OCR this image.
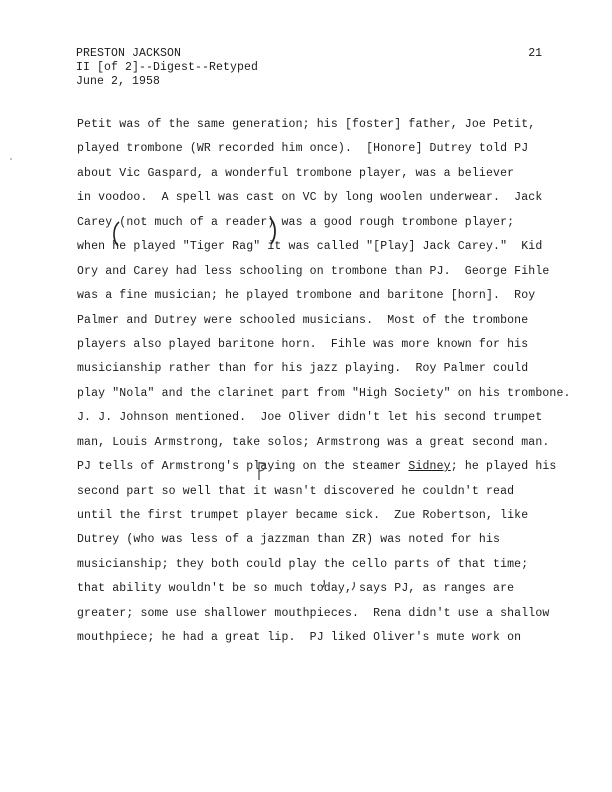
PRESTON JACKSON
II [of 2]--Digest--Retyped
June 2, 1958
21
Petit was of the same generation; his [foster] father, Joe Petit,
played trombone (WR recorded him once).  [Honore] Dutrey told PJ
about Vic Gaspard, a wonderful trombone player, was a believer
in voodoo.  A spell was cast on VC by long woolen underwear.  Jack
Carey (not much of a reader) was a good rough trombone player;
when he played "Tiger Rag" it was called "[Play] Jack Carey."  Kid
Ory and Carey had less schooling on trombone than PJ.  George Fihle
was a fine musician; he played trombone and baritone [horn].  Roy
Palmer and Dutrey were schooled musicians.  Most of the trombone
players also played baritone horn.  Fihle was more known for his
musicianship rather than for his jazz playing.  Roy Palmer could
play "Nola" and the clarinet part from "High Society" on his trombone.
J. J. Johnson mentioned.  Joe Oliver didn't let his second trumpet
man, Louis Armstrong, take solos; Armstrong was a great second man.
PJ tells of Armstrong's playing on the steamer Sidney; he played his
second part so well that it wasn't discovered he couldn't read
until the first trumpet player became sick.  Zue Robertson, like
Dutrey (who was less of a jazzman than ZR) was noted for his
musicianship; they both could play the cello parts of that time;
that ability wouldn't be so much today, says PJ, as ranges are
greater; some use shallower mouthpieces.  Rena didn't use a shallow
mouthpiece; he had a great lip.  PJ liked Oliver's mute work on
